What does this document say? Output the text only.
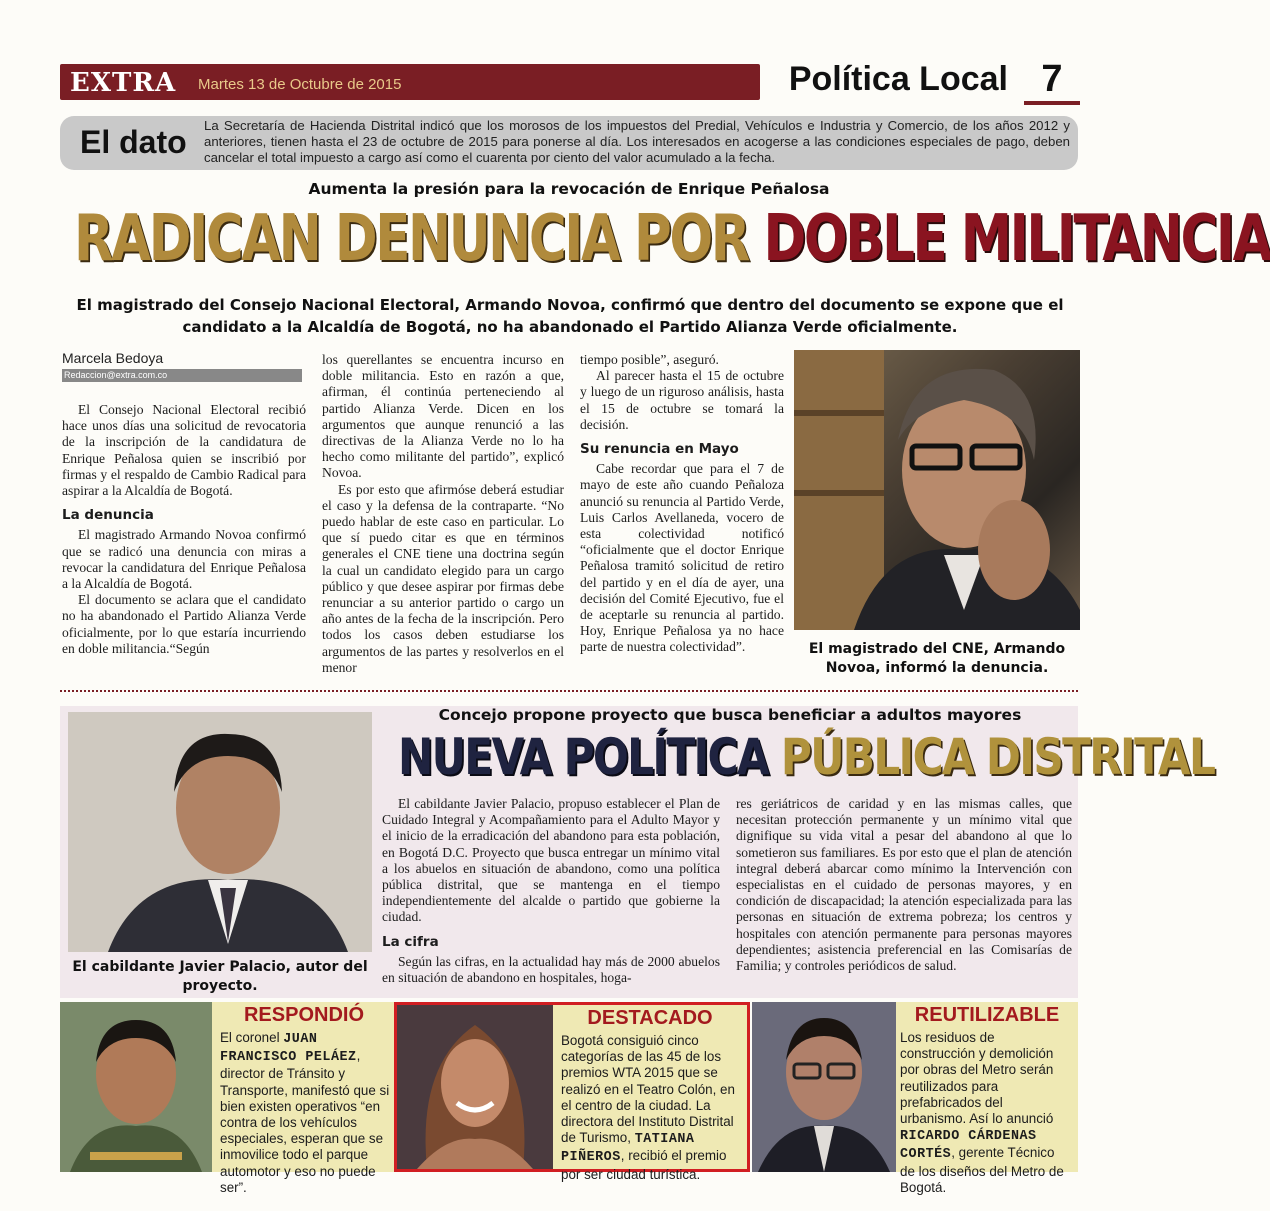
EXTRA Martes 13 de Octubre de 2015	Política Local 7
El dato La Secretaría de Hacienda Distrital indicó que los morosos de los impuestos del Predial, Vehículos e Industria y Comercio, de los años 2012 y anteriores, tienen hasta el 23 de octubre de 2015 para ponerse al día. Los interesados en acogerse a las condiciones especiales de pago, deben cancelar el total impuesto a cargo así como el cuarenta por ciento del valor acumulado a la fecha.
Aumenta la presión para la revocación de Enrique Peñalosa
RADICAN DENUNCIA POR DOBLE MILITANCIA
El magistrado del Consejo Nacional Electoral, Armando Novoa, confirmó que dentro del documento se expone que el candidato a la Alcaldía de Bogotá, no ha abandonado el Partido Alianza Verde oficialmente.
Marcela Bedoya
Redaccion@extra.com.co

El Consejo Nacional Electoral recibió hace unos días una solicitud de revocatoria de la inscripción de la candidatura de Enrique Peñalosa quien se inscribió por firmas y el respaldo de Cambio Radical para aspirar a la Alcaldía de Bogotá.

La denuncia

El magistrado Armando Novoa confirmó que se radicó una denuncia con miras a revocar la candidatura del Enrique Peñalosa a la Alcaldía de Bogotá.

El documento se aclara que el candidato no ha abandonado el Partido Alianza Verde oficialmente, por lo que estaría incurriendo en doble militancia.“Según

los querellantes se encuentra incurso en doble militancia. Esto en razón a que, afirman, él continúa perteneciendo al partido Alianza Verde. Dicen en los argumentos que aunque renunció a las directivas de la Alianza Verde no lo ha hecho como militante del partido”, explicó Novoa.

Es por esto que afirmóse deberá estudiar el caso y la defensa de la contraparte. “No puedo hablar de este caso en particular. Lo que sí puedo citar es que en términos generales el CNE tiene una doctrina según la cual un candidato elegido para un cargo público y que desee aspirar por firmas debe renunciar a su anterior partido o cargo un año antes de la fecha de la inscripción. Pero todos los casos deben estudiarse los argumentos de las partes y resolverlos en el menor

tiempo posible”, aseguró.

Al parecer hasta el 15 de octubre y luego de un riguroso análisis, hasta el 15 de octubre se tomará la decisión.

Su renuncia en Mayo

Cabe recordar que para el 7 de mayo de este año cuando Peñaloza anunció su renuncia al Partido Verde, Luis Carlos Avellaneda, vocero de esta colectividad notificó “oficialmente que el doctor Enrique Peñalosa tramitó solicitud de retiro del partido y en el día de ayer, una decisión del Comité Ejecutivo, fue el de aceptarle su renuncia al partido. Hoy, Enrique Peñalosa ya no hace parte de nuestra colectividad”.	El magistrado del CNE, Armando Novoa, informó la denuncia.
El cabildante Javier Palacio, autor del proyecto.
Concejo propone proyecto que busca beneficiar a adultos mayores
NUEVA POLÍTICA PÚBLICA DISTRITAL

El cabildante Javier Palacio, propuso establecer el Plan de Cuidado Integral y Acompañamiento para el Adulto Mayor y el inicio de la erradicación del abandono para esta población, en Bogotá D.C. Proyecto que busca entregar un mínimo vital a los abuelos en situación de abandono, como una política pública distrital, que se mantenga en el tiempo independientemente del alcalde o partido que gobierne la ciudad.

La cifra

Según las cifras, en la actualidad hay más de 2000 abuelos en situación de abandono en hospitales, hoga-

res geriátricos de caridad y en las mismas calles, que necesitan protección permanente y un mínimo vital que dignifique su vida vital a pesar del abandono al que lo sometieron sus familiares. Es por esto que el plan de atención integral deberá abarcar como mínimo la Intervención con especialistas en el cuidado de personas mayores, y en condición de discapacidad; la atención especializada para las personas en situación de extrema pobreza; los centros y hospitales con atención permanente para personas mayores dependientes; asistencia preferencial en las Comisarías de Familia; y controles periódicos de salud.

RESPONDIÓ
El coronel JUAN FRANCISCO PELÁEZ, director de Tránsito y Transporte, manifestó que si bien existen operativos “en contra de los vehículos especiales, esperan que se inmovilice todo el parque automotor y eso no puede ser”.
DESTACADO
Bogotá consiguió cinco categorías de las 45 de los premios WTA 2015 que se realizó en el Teatro Colón, en el centro de la ciudad. La directora del Instituto Distrital de Turismo, TATIANA PIÑEROS, recibió el premio por ser ciudad turística.
REUTILIZABLE
Los residuos de construcción y demolición por obras del Metro serán reutilizados para prefabricados del urbanismo. Así lo anunció RICARDO CÁRDENAS CORTÉS, gerente Técnico de los diseños del Metro de Bogotá.
